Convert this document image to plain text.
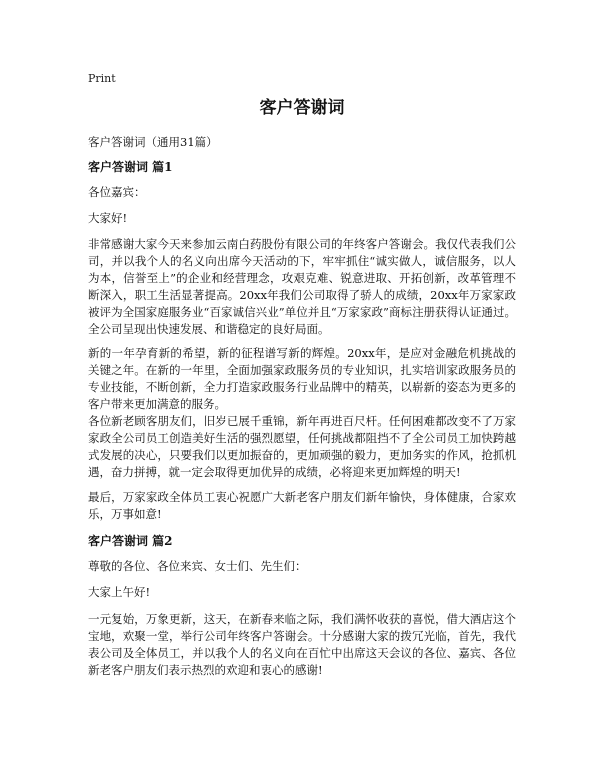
Print
客户答谢词

客户答谢词（通用31篇）

客户答谢词 篇1

各位嘉宾：

大家好!

非常感谢大家今天来参加云南白药股份有限公司的年终客户答谢会。我仅代表我们公司，并以我个人的名义向出席今天活动的下，牢牢抓住“诚实做人，诚信服务，以人为本，信誉至上”的企业和经营理念，攻艰克难、锐意进取、开拓创新，改革管理不断深入，职工生活显著提高。20xx年我们公司取得了骄人的成绩，20xx年万家家政被评为全国家庭服务业“百家诚信兴业”单位并且“万家家政”商标注册获得认证通过。全公司呈现出快速发展、和谐稳定的良好局面。

新的一年孕育新的希望，新的征程谱写新的辉煌。20xx年，是应对金融危机挑战的关键之年。在新的一年里，全面加强家政服务员的专业知识，扎实培训家政服务员的专业技能，不断创新，全力打造家政服务行业品牌中的精英，以崭新的姿态为更多的客户带来更加满意的服务。

各位新老顾客朋友们，旧岁已展千重锦，新年再进百尺杆。任何困难都改变不了万家家政全公司员工创造美好生活的强烈愿望，任何挑战都阻挡不了全公司员工加快跨越式发展的决心，只要我们以更加振奋的，更加顽强的毅力，更加务实的作风，抢抓机遇，奋力拼搏，就一定会取得更加优异的成绩，必将迎来更加辉煌的明天!

最后，万家家政全体员工衷心祝愿广大新老客户朋友们新年愉快，身体健康，合家欢乐，万事如意!

客户答谢词 篇2

尊敬的各位、各位来宾、女士们、先生们：

大家上午好!

一元复始，万象更新，这天，在新春来临之际，我们满怀收获的喜悦，借大酒店这个宝地，欢聚一堂，举行公司年终客户答谢会。十分感谢大家的拨冗光临，首先，我代表公司及全体员工，并以我个人的名义向在百忙中出席这天会议的各位、嘉宾、各位新老客户朋友们表示热烈的欢迎和衷心的感谢!
